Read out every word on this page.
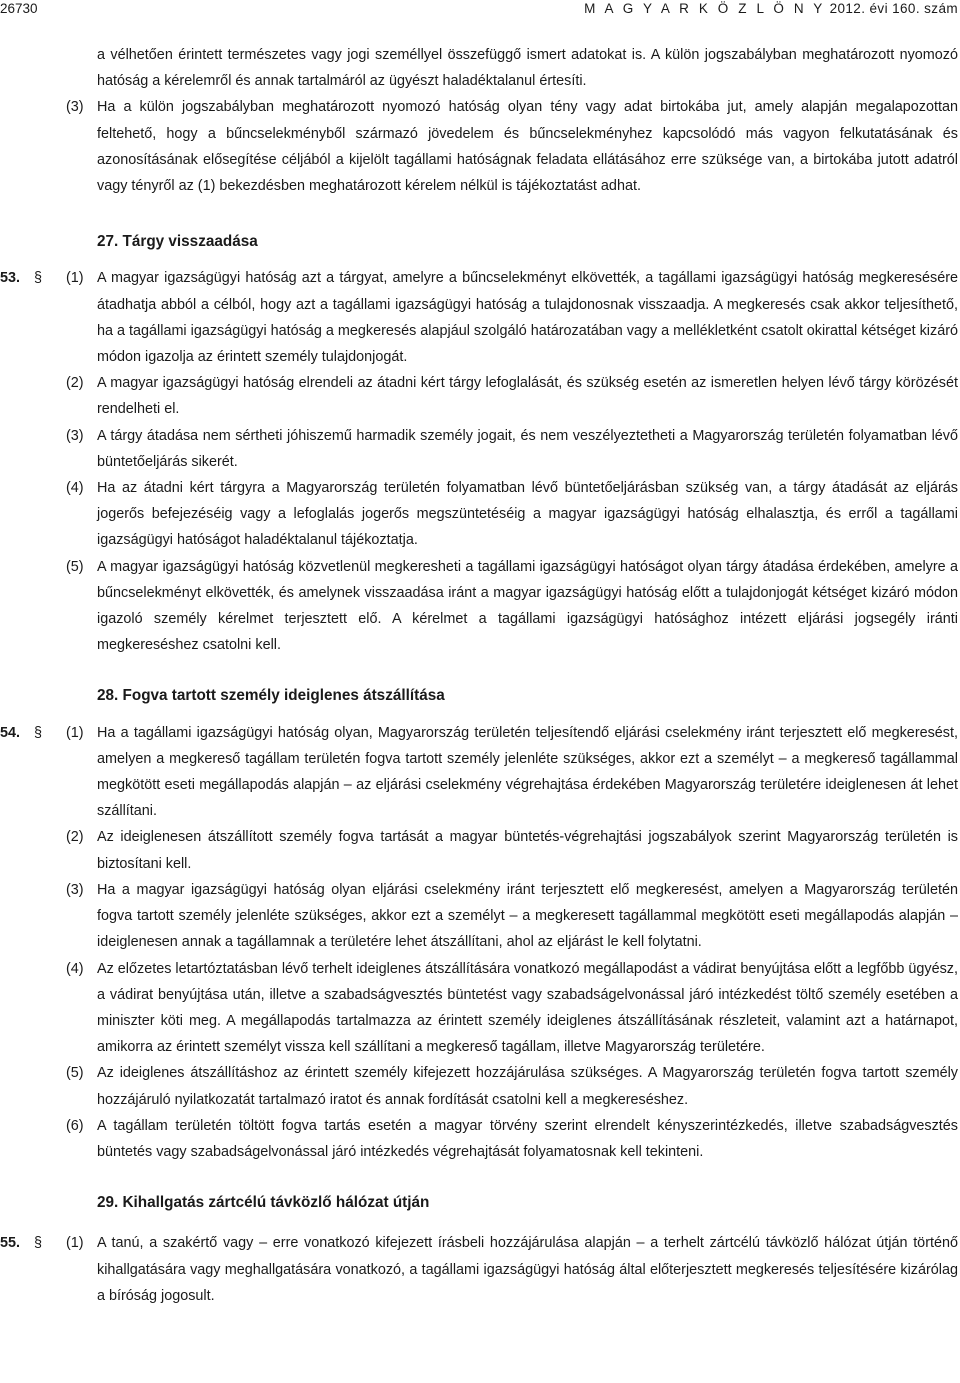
26730	M A G Y A R K Ö Z L Ö N Y 2012. évi 160. szám
a vélhetően érintett természetes vagy jogi személlyel összefüggő ismert adatokat is. A külön jogszabályban meghatározott nyomozó hatóság a kérelemről és annak tartalmáról az ügyészt haladéktalanul értesíti.
(3) Ha a külön jogszabályban meghatározott nyomozó hatóság olyan tény vagy adat birtokába jut, amely alapján megalapozottan feltehető, hogy a bűncselekményből származó jövedelem és bűncselekményhez kapcsolódó más vagyon felkutatásának és azonosításának elősegítése céljából a kijelölt tagállami hatóságnak feladata ellátásához erre szüksége van, a birtokába jutott adatról vagy tényről az (1) bekezdésben meghatározott kérelem nélkül is tájékoztatást adhat.
27. Tárgy visszaadása
53. § (1) A magyar igazságügyi hatóság azt a tárgyat, amelyre a bűncselekményt elkövették, a tagállami igazságügyi hatóság megkeresésére átadhatja abból a célból, hogy azt a tagállami igazságügyi hatóság a tulajdonosnak visszaadja. A megkeresés csak akkor teljesíthető, ha a tagállami igazságügyi hatóság a megkeresés alapjául szolgáló határozatában vagy a mellékletként csatolt okirattal kétséget kizáró módon igazolja az érintett személy tulajdonjogát.
(2) A magyar igazságügyi hatóság elrendeli az átadni kért tárgy lefoglalását, és szükség esetén az ismeretlen helyen lévő tárgy körözését rendelheti el.
(3) A tárgy átadása nem sértheti jóhiszemű harmadik személy jogait, és nem veszélyeztetheti a Magyarország területén folyamatban lévő büntetőeljárás sikerét.
(4) Ha az átadni kért tárgyra a Magyarország területén folyamatban lévő büntetőeljárásban szükség van, a tárgy átadását az eljárás jogerős befejezéséig vagy a lefoglalás jogerős megszüntetéséig a magyar igazságügyi hatóság elhalasztja, és erről a tagállami igazságügyi hatóságot haladéktalanul tájékoztatja.
(5) A magyar igazságügyi hatóság közvetlenül megkeresheti a tagállami igazságügyi hatóságot olyan tárgy átadása érdekében, amelyre a bűncselekményt elkövették, és amelynek visszaadása iránt a magyar igazságügyi hatóság előtt a tulajdonjogát kétséget kizáró módon igazoló személy kérelmet terjesztett elő. A kérelmet a tagállami igazságügyi hatósághoz intézett eljárási jogsegély iránti megkereséshez csatolni kell.
28. Fogva tartott személy ideiglenes átszállítása
54. § (1) Ha a tagállami igazságügyi hatóság olyan, Magyarország területén teljesítendő eljárási cselekmény iránt terjesztett elő megkeresést, amelyen a megkereső tagállam területén fogva tartott személy jelenléte szükséges, akkor ezt a személyt – a megkereső tagállammal megkötött eseti megállapodás alapján – az eljárási cselekmény végrehajtása érdekében Magyarország területére ideiglenesen át lehet szállítani.
(2) Az ideiglenesen átszállított személy fogva tartását a magyar büntetés-végrehajtási jogszabályok szerint Magyarország területén is biztosítani kell.
(3) Ha a magyar igazságügyi hatóság olyan eljárási cselekmény iránt terjesztett elő megkeresést, amelyen a Magyarország területén fogva tartott személy jelenléte szükséges, akkor ezt a személyt – a megkeresett tagállammal megkötött eseti megállapodás alapján – ideiglenesen annak a tagállamnak a területére lehet átszállítani, ahol az eljárást le kell folytatni.
(4) Az előzetes letartóztatásban lévő terhelt ideiglenes átszállítására vonatkozó megállapodást a vádirat benyújtása előtt a legfőbb ügyész, a vádirat benyújtása után, illetve a szabadságvesztés büntetést vagy szabadságelvonással járó intézkedést töltő személy esetében a miniszter köti meg. A megállapodás tartalmazza az érintett személy ideiglenes átszállításának részleteit, valamint azt a határnapot, amikorra az érintett személyt vissza kell szállítani a megkereső tagállam, illetve Magyarország területére.
(5) Az ideiglenes átszállításhoz az érintett személy kifejezett hozzájárulása szükséges. A Magyarország területén fogva tartott személy hozzájáruló nyilatkozatát tartalmazó iratot és annak fordítását csatolni kell a megkereséshez.
(6) A tagállam területén töltött fogva tartás esetén a magyar törvény szerint elrendelt kényszerintézkedés, illetve szabadságvesztés büntetés vagy szabadságelvonással járó intézkedés végrehajtását folyamatosnak kell tekinteni.
29. Kihallgatás zártcélú távközlő hálózat útján
55. § (1) A tanú, a szakértő vagy – erre vonatkozó kifejezett írásbeli hozzájárulása alapján – a terhelt zártcélú távközlő hálózat útján történő kihallgatására vagy meghallgatására vonatkozó, a tagállami igazságügyi hatóság által előterjesztett megkeresés teljesítésére kizárólag a bíróság jogosult.
